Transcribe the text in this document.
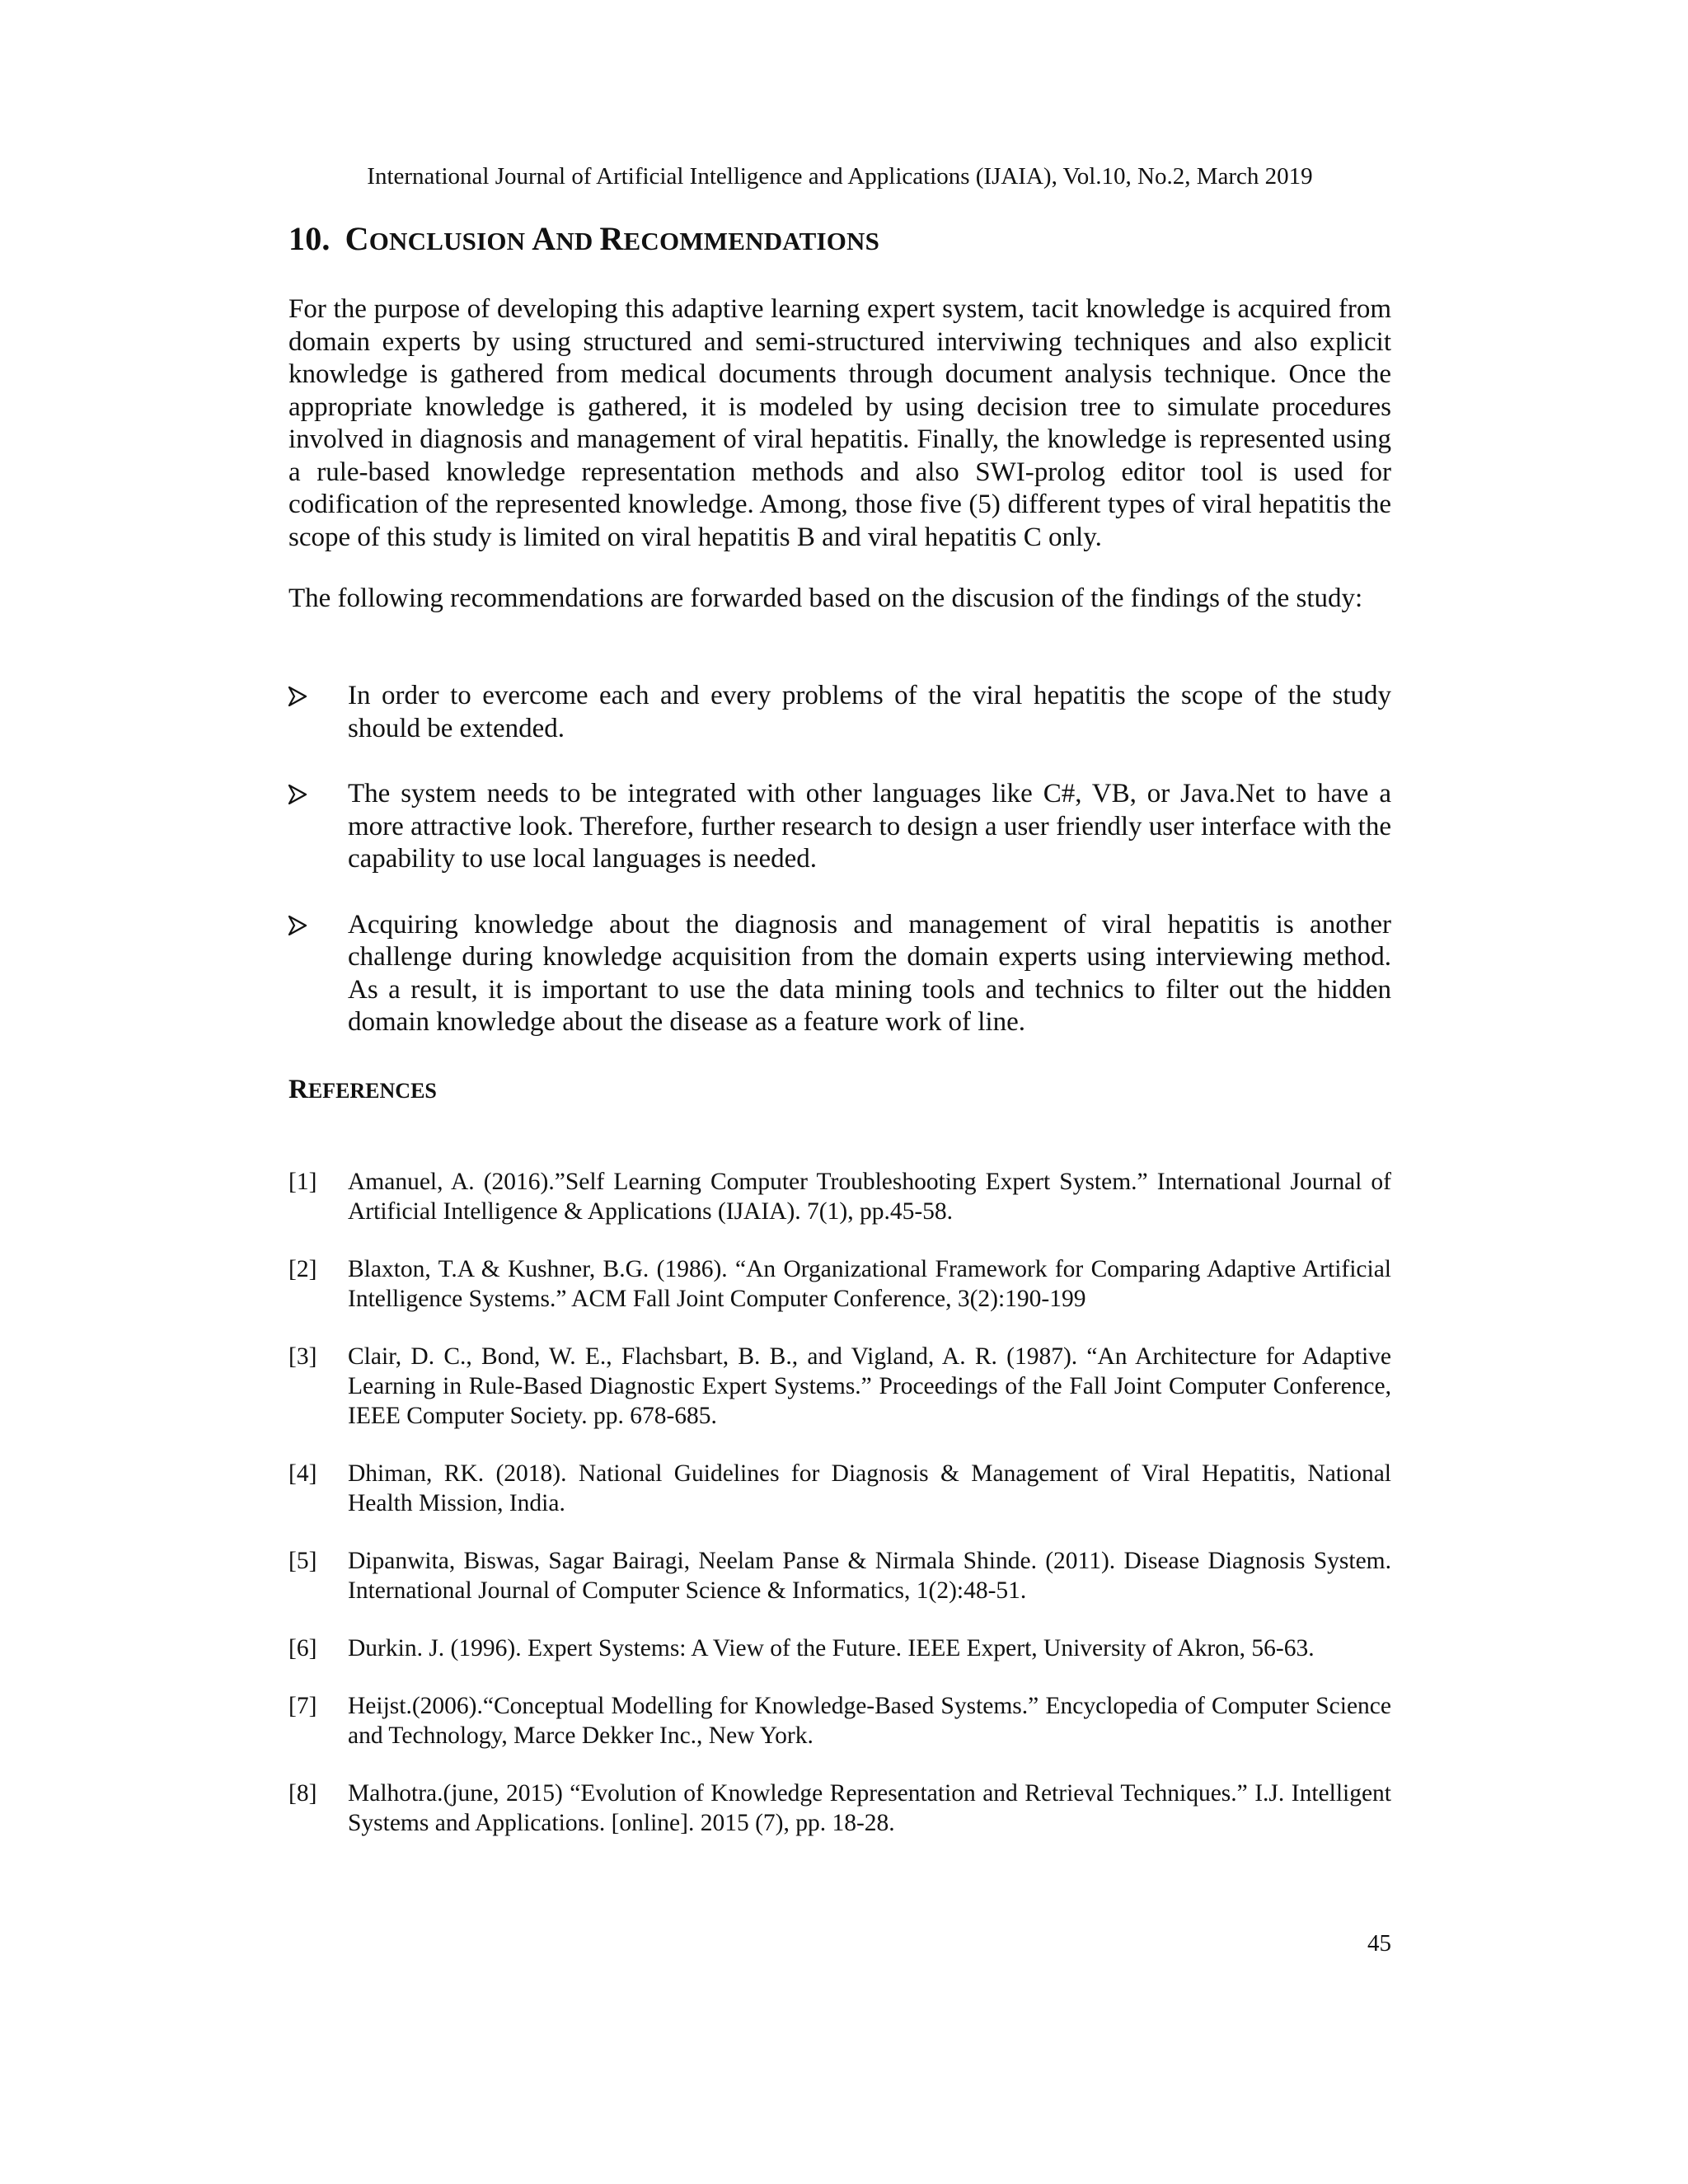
International Journal of Artificial Intelligence and Applications (IJAIA), Vol.10, No.2, March 2019
10. CONCLUSION AND RECOMMENDATIONS

For the purpose of developing this adaptive learning expert system, tacit knowledge is acquired from domain experts by using structured and semi-structured interviwing techniques and also explicit knowledge is gathered from medical documents through document analysis technique. Once the appropriate knowledge is gathered, it is modeled by using decision tree to simulate procedures involved in diagnosis and management of viral hepatitis. Finally, the knowledge is represented using a rule-based knowledge representation methods and also SWI-prolog editor tool is used for codification of the represented knowledge. Among, those five (5) different types of viral hepatitis the scope of this study is limited on viral hepatitis B and viral hepatitis C only.

The following recommendations are forwarded based on the discusion of the findings of the study:

In order to evercome each and every problems of the viral hepatitis the scope of the study should be extended.
The system needs to be integrated with other languages like C#, VB, or Java.Net to have a more attractive look. Therefore, further research to design a user friendly user interface with the capability to use local languages is needed.
Acquiring knowledge about the diagnosis and management of viral hepatitis is another challenge during knowledge acquisition from the domain experts using interviewing method. As a result, it is important to use the data mining tools and technics to filter out the hidden domain knowledge about the disease as a feature work of line.
REFERENCES
[1] Amanuel, A. (2016).”Self Learning Computer Troubleshooting Expert System.” International Journal of Artificial Intelligence & Applications (IJAIA). 7(1), pp.45-58.
[2] Blaxton, T.A & Kushner, B.G. (1986). “An Organizational Framework for Comparing Adaptive Artificial Intelligence Systems.” ACM Fall Joint Computer Conference, 3(2):190-199
[3] Clair, D. C., Bond, W. E., Flachsbart, B. B., and Vigland, A. R. (1987). “An Architecture for Adaptive Learning in Rule-Based Diagnostic Expert Systems.” Proceedings of the Fall Joint Computer Conference, IEEE Computer Society. pp. 678-685.
[4] Dhiman, RK. (2018). National Guidelines for Diagnosis & Management of Viral Hepatitis, National Health Mission, India.
[5] Dipanwita, Biswas, Sagar Bairagi, Neelam Panse & Nirmala Shinde. (2011). Disease Diagnosis System. International Journal of Computer Science & Informatics, 1(2):48-51.
[6] Durkin. J. (1996). Expert Systems: A View of the Future. IEEE Expert, University of Akron, 56-63.
[7] Heijst.(2006).“Conceptual Modelling for Knowledge-Based Systems.” Encyclopedia of Computer Science and Technology, Marce Dekker Inc., New York.
[8] Malhotra.(june, 2015) “Evolution of Knowledge Representation and Retrieval Techniques.” I.J. Intelligent Systems and Applications. [online]. 2015 (7), pp. 18-28.
45
